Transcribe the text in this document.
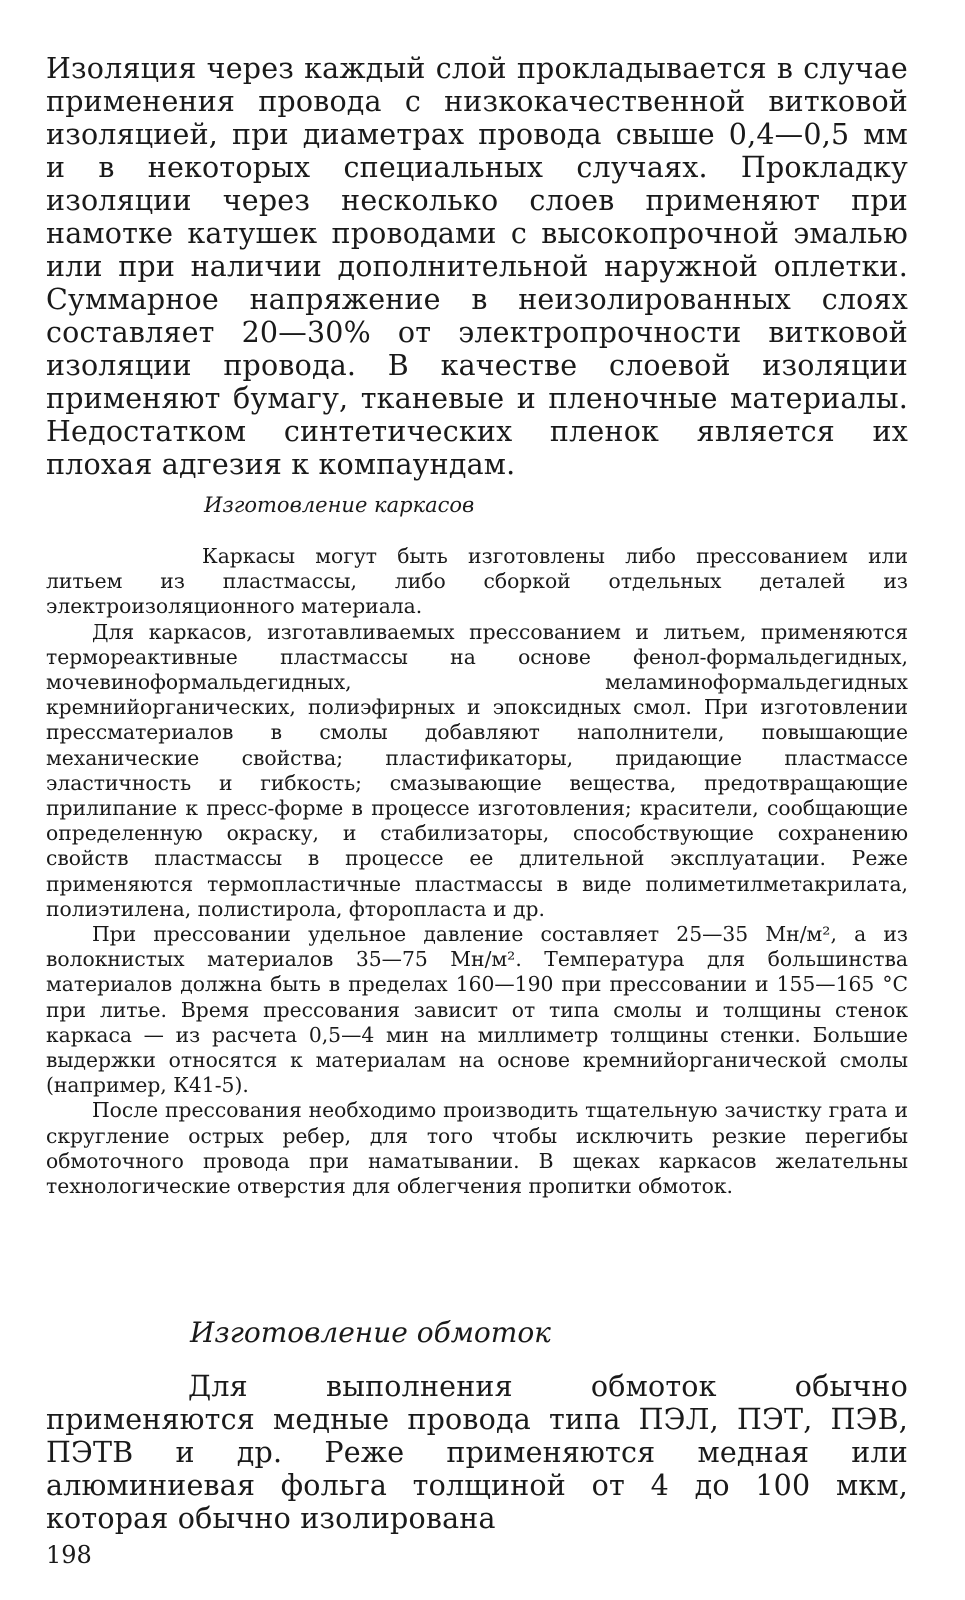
Изоляция через каждый слой прокладывается в случае применения провода с низкокачественной витковой изоляцией, при диаметрах провода свыше 0,4—0,5 мм и в некоторых специальных случаях. Прокладку изоляции через несколько слоев применяют при намотке катушек проводами с высокопрочной эмалью или при наличии дополнительной наружной оплетки. Суммарное напряжение в неизолированных слоях составляет 20—30% от электропрочности витковой изоляции провода. В качестве слоевой изоляции применяют бумагу, тканевые и пленочные материалы. Недостатком синтетических пленок является их плохая адгезия к компаундам.

Изготовление каркасов

Каркасы могут быть изготовлены либо прессованием или литьем из пластмассы, либо сборкой отдельных деталей из электроизоляционного материала.

Для каркасов, изготавливаемых прессованием и литьем, применяются термореактивные пластмассы на основе фенол-формальдегидных, мочевиноформальдегидных, меламиноформальдегидных кремнийорганических, полиэфирных и эпоксидных смол. При изготовлении прессматериалов в смолы добавляют наполнители, повышающие механические свойства; пластификаторы, придающие пластмассе эластичность и гибкость; смазывающие вещества, предотвращающие прилипание к пресс-форме в процессе изготовления; красители, сообщающие определенную окраску, и стабилизаторы, способствующие сохранению свойств пластмассы в процессе ее длительной эксплуатации. Реже применяются термопластичные пластмассы в виде полиметилметакрилата, полиэтилена, полистирола, фторопласта и др.

При прессовании удельное давление составляет 25—35 Мн/м², а из волокнистых материалов 35—75 Мн/м². Температура для большинства материалов должна быть в пределах 160—190 при прессовании и 155—165 °С при литье. Время прессования зависит от типа смолы и толщины стенок каркаса — из расчета 0,5—4 мин на миллиметр толщины стенки. Большие выдержки относятся к материалам на основе кремнийорганической смолы (например, К41-5).

После прессования необходимо производить тщательную зачистку грата и скругление острых ребер, для того чтобы исключить резкие перегибы обмоточного провода при наматывании. В щеках каркасов желательны технологические отверстия для облегчения пропитки обмоток.

Изготовление обмоток

Для выполнения обмоток обычно применяются медные провода типа ПЭЛ, ПЭТ, ПЭВ, ПЭТВ и др. Реже применяются медная или алюминиевая фольга толщиной от 4 до 100 мкм, которая обычно изолирована

198
